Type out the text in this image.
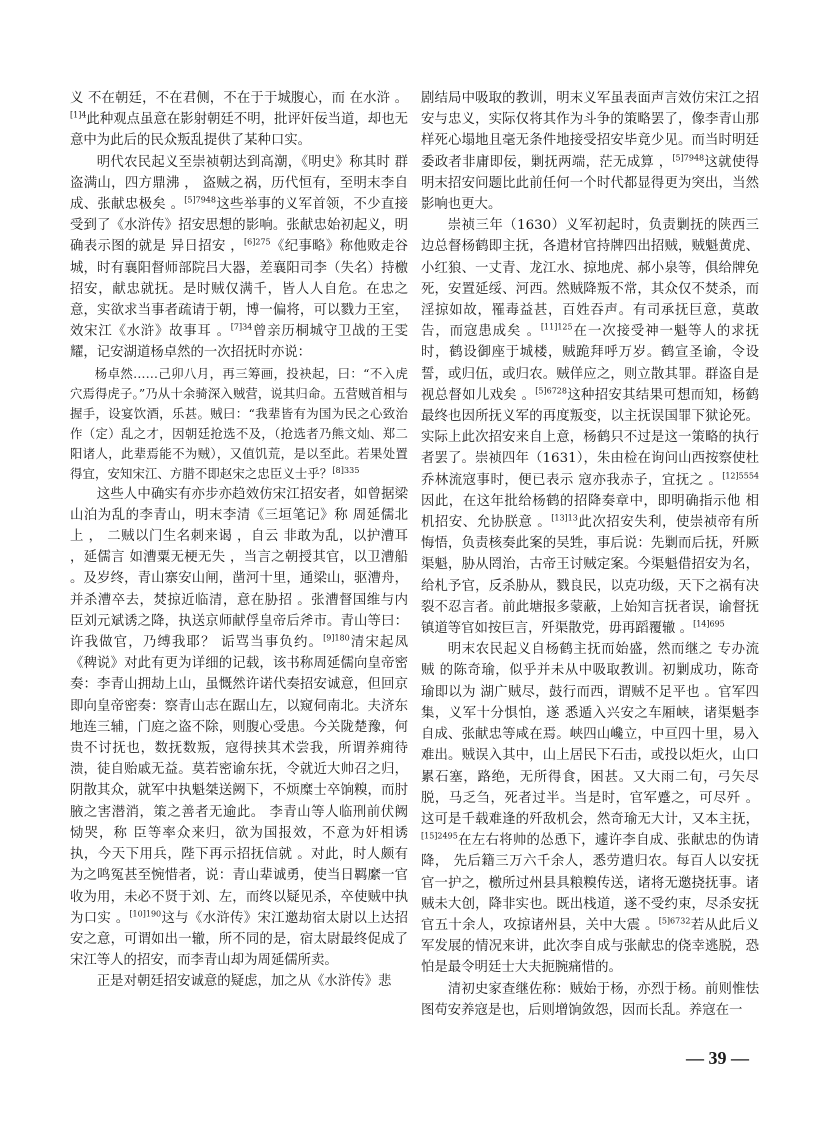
义 不在朝廷，不在君侧，不在于于城腹心，而 在水浒 。$^{[1]4}$此种观点虽意在影射朝廷不明，批评奸佞当道，却也无意中为此后的民众叛乱提供了某种口实。

明代农民起义至崇祯朝达到高潮，《明史》称其时 群盗满山，四方鼎沸 ， 盗贼之祸，历代恒有，至明末李自成、张献忠极矣 。$^{[5]7948}$这些举事的义军首领，不少直接受到了《水浒传》招安思想的影响。张献忠始初起义，明确表示图的就是 异日招安 ，$^{[6]275}$《纪事略》称他败走谷城，时有襄阳督师部院吕大器，差襄阳司李（失名）持檄招安，献忠就抚。是时贼仅满千，皆人人自危。在忠之意，实欲求当事者疏请于朝，博一偏将，可以戮力王室，效宋江《水浒》故事耳 。$^{[7]34}$曾亲历桐城守卫战的王雯耀，记安湖道杨卓然的一次招抚时亦说：

杨卓然……己卯八月，再三筹画，投袂起，曰：“不入虎穴焉得虎子。”乃从十余骑深入贼营，说其归命。五营贼首相与握手，设宴饮酒，乐甚。贼曰：“我辈皆有为国为民之心致治作（定）乱之才，因朝廷抢选不及，（抢选者乃熊文灿、郑二阳诸人，此辈焉能不为贼），又值饥荒，是以至此。若果处置得宜，安知宋江、方腊不即赵宋之忠臣义士乎？$^{[8]335}$

这些人中确实有亦步亦趋效仿宋江招安者，如曾据梁山泊为乱的李青山，明末李清《三垣笔记》称 周延儒北上 ， 二贼以门生名刺来谒 ，自云 非敢为乱，以护漕耳 ，延儒言 如漕粟无梗无失 ，当言之朝授其官，以卫漕船 。及岁终，青山寨安山闸，凿河十里，通梁山，驱漕舟，并杀漕卒去，焚掠近临清，意在胁招 。张漕督国维与内臣刘元斌诱之降，执送京师献俘皇帝后斧市。青山等曰：许我做官，乃缚我耶？ 诟骂当事负约。$^{[9]180}$清宋起凤《稗说》对此有更为详细的记载，该书称周延儒向皇帝密奏：李青山拥劫上山，虽慨然许诺代奏招安诚意，但回京即向皇帝密奏：察青山志在踞山左，以窥伺南北。夫济东地连三辅，门庭之盗不除，则腹心受患。今关陇楚豫，何贵不讨抚也，数抚数叛，寇得挟其术尝我，所谓养痈待溃，徒自贻戚无益。莫若密谕东抚，令就近大帅召之归，阴散其众，就军中执魁桀送阙下，不烦糜士卒饷糗，而肘腋之害潜消，策之善者无逾此。 李青山等人临刑前伏阙恸哭，称 臣等率众来归，欲为国报效，不意为奸相诱执，今天下用兵，陛下再示招抚信就 。对此，时人颇有为之鸣冤甚至惋惜者，说：青山辈诚勇，使当日羁縻一官收为用，未必不贤于刘、左，而终以疑见杀，卒使贼中执为口实 。$^{[10]190}$这与《水浒传》宋江邀劫宿太尉以上达招安之意，可谓如出一辙，所不同的是，宿太尉最终促成了宋江等人的招安，而李青山却为周延儒所卖。

正是对朝廷招安诚意的疑虑，加之从《水浒传》悲

剧结局中吸取的教训，明末义军虽表面声言效仿宋江之招安与忠义，实际仅将其作为斗争的策略罢了，像李青山那样死心塌地且毫无条件地接受招安毕竟少见。而当时明廷 委政者非庸即佞，剿抚两端，茫无成算 ，$^{[5]7948}$这就使得明末招安问题比此前任何一个时代都显得更为突出，当然影响也更大。

崇祯三年（1630）义军初起时，负责剿抚的陕西三边总督杨鹤即主抚，各遣材官持牌四出招贼，贼魁黄虎、小红狼、一丈青、龙江水、掠地虎、郝小泉等，俱给牌免死，安置延绥、河西。然贼降叛不常，其众仅不焚杀，而淫掠如故，罹毒益甚，百姓吞声。有司承抚巨意，莫敢告，而寇患成矣 。$^{[11]125}$在一次接受神一魁等人的求抚时，鹤设御座于城楼，贼跪拜呼万岁。鹤宣圣谕，令设誓，或归伍，或归农。贼佯应之，则立散其罪。群盗自是视总督如儿戏矣 。$^{[5]6728}$这种招安其结果可想而知，杨鹤最终也因所抚义军的再度叛变，以主抚误国罪下狱论死。实际上此次招安来自上意，杨鹤只不过是这一策略的执行者罢了。崇祯四年（1631），朱由检在询问山西按察使杜乔林流寇事时，便已表示 寇亦我赤子，宜抚之 。$^{[12]5554}$因此，在这年批给杨鹤的招降奏章中，即明确指示他 相机招安、允协朕意 。$^{[13]13}$此次招安失利，使崇祯帝有所悔悟，负责核奏此案的吴甡，事后说：先剿而后抚，歼厥渠魁，胁从罔治，古帝王讨贼定案。今渠魁借招安为名，给札予官，反杀胁从，戮良民，以克功级，天下之祸有决裂不忍言者。前此塘报多蒙蔽，上始知言抚者误，谕督抚镇道等官如按巨言，歼渠散党，毋再蹈覆辙 。$^{[14]695}$

明末农民起义自杨鹤主抚而始盛，然而继之 专办流贼 的陈奇瑜，似乎并未从中吸取教训。初剿成功，陈奇瑜即以为 湖广贼尽，鼓行而西，谓贼不足平也 。官军四集，义军十分惧怕，遂 悉遁入兴安之车厢峡，诸渠魁李自成、张献忠等咸在焉。峡四山巉立，中亘四十里，易入难出。贼误入其中，山上居民下石击，或投以炬火，山口累石塞，路绝，无所得食，困甚。又大雨二旬，弓矢尽脱，马乏刍，死者过半。当是时，官军蹙之，可尽歼 。这可是千载难逢的歼敌机会，然奇瑜无大计，又本主抚，$^{[15]2495}$在左右将帅的怂恿下，遽许李自成、张献忠的伪请降， 先后籍三万六千余人，悉劳遣归农。每百人以安抚官一护之，檄所过州县具粮糗传送，诸将无邀挠抚事。诸贼未大创，降非实也。既出栈道，遂不受约束，尽杀安抚官五十余人，攻掠诸州县，关中大震 。$^{[5]6732}$若从此后义军发展的情况来讲，此次李自成与张献忠的侥幸逃脱，恐怕是最令明廷士大夫扼腕痛惜的。

清初史家查继佐称：贼始于杨，亦烈于杨。前则惟怯图苟安养寇是也，后则增饷敛怨，因而长乱。养寇在一

— 39 —
